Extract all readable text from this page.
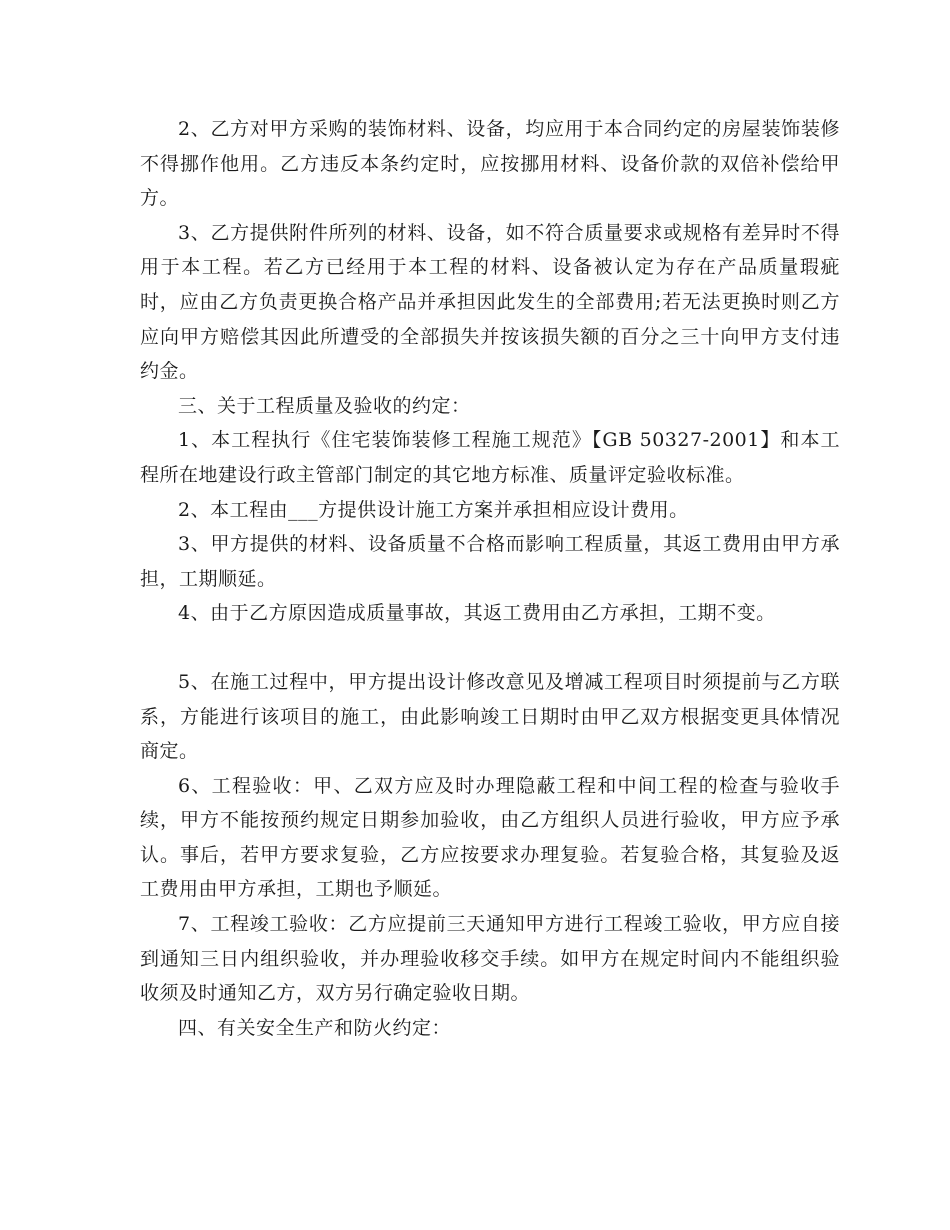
2、乙方对甲方采购的装饰材料、设备，均应用于本合同约定的房屋装饰装修不得挪作他用。乙方违反本条约定时，应按挪用材料、设备价款的双倍补偿给甲方。

3、乙方提供附件所列的材料、设备，如不符合质量要求或规格有差异时不得用于本工程。若乙方已经用于本工程的材料、设备被认定为存在产品质量瑕疵时，应由乙方负责更换合格产品并承担因此发生的全部费用;若无法更换时则乙方应向甲方赔偿其因此所遭受的全部损失并按该损失额的百分之三十向甲方支付违约金。

三、关于工程质量及验收的约定：

1、本工程执行《住宅装饰装修工程施工规范》【GB 50327-2001】和本工程所在地建设行政主管部门制定的其它地方标准、质量评定验收标准。

2、本工程由___方提供设计施工方案并承担相应设计费用。

3、甲方提供的材料、设备质量不合格而影响工程质量，其返工费用由甲方承担，工期顺延。

4、由于乙方原因造成质量事故，其返工费用由乙方承担，工期不变。

5、在施工过程中，甲方提出设计修改意见及增减工程项目时须提前与乙方联系，方能进行该项目的施工，由此影响竣工日期时由甲乙双方根据变更具体情况商定。

6、工程验收：甲、乙双方应及时办理隐蔽工程和中间工程的检查与验收手续，甲方不能按预约规定日期参加验收，由乙方组织人员进行验收，甲方应予承认。事后，若甲方要求复验，乙方应按要求办理复验。若复验合格，其复验及返工费用由甲方承担，工期也予顺延。

7、工程竣工验收：乙方应提前三天通知甲方进行工程竣工验收，甲方应自接到通知三日内组织验收，并办理验收移交手续。如甲方在规定时间内不能组织验收须及时通知乙方，双方另行确定验收日期。

四、有关安全生产和防火约定：
